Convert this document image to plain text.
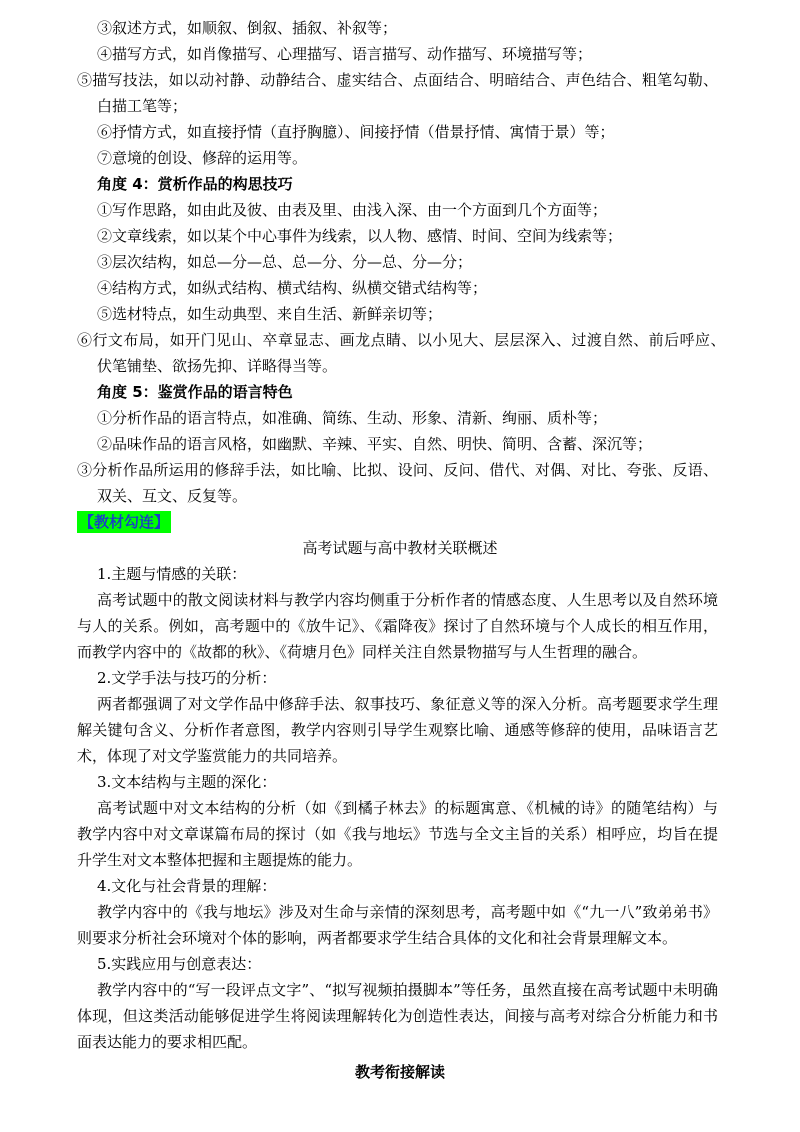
③叙述方式，如顺叙、倒叙、插叙、补叙等；

④描写方式，如肖像描写、心理描写、语言描写、动作描写、环境描写等；

⑤描写技法，如以动衬静、动静结合、虚实结合、点面结合、明暗结合、声色结合、粗笔勾勒、白描工笔等；

⑥抒情方式，如直接抒情（直抒胸臆）、间接抒情（借景抒情、寓情于景）等；

⑦意境的创设、修辞的运用等。

角度 4：赏析作品的构思技巧

①写作思路，如由此及彼、由表及里、由浅入深、由一个方面到几个方面等；

②文章线索，如以某个中心事件为线索，以人物、感情、时间、空间为线索等；

③层次结构，如总—分—总、总—分、分—总、分—分；

④结构方式，如纵式结构、横式结构、纵横交错式结构等；

⑤选材特点，如生动典型、来自生活、新鲜亲切等；

⑥行文布局，如开门见山、卒章显志、画龙点睛、以小见大、层层深入、过渡自然、前后呼应、　伏笔铺垫、欲扬先抑、详略得当等。

角度 5：鉴赏作品的语言特色

①分析作品的语言特点，如准确、简练、生动、形象、清新、绚丽、质朴等；

②品味作品的语言风格，如幽默、辛辣、平实、自然、明快、简明、含蓄、深沉等；

③分析作品所运用的修辞手法，如比喻、比拟、设问、反问、借代、对偶、对比、夸张、反语、双关、互文、反复等。

【教材勾连】

高考试题与高中教材关联概述

1.主题与情感的关联：

高考试题中的散文阅读材料与教学内容均侧重于分析作者的情感态度、人生思考以及自然环境与人的关系。例如，高考题中的《放牛记》、《霜降夜》探讨了自然环境与个人成长的相互作用，而教学内容中的《故都的秋》、《荷塘月色》同样关注自然景物描写与人生哲理的融合。

2.文学手法与技巧的分析：

两者都强调了对文学作品中修辞手法、叙事技巧、象征意义等的深入分析。高考题要求学生理解关键句含义、分析作者意图，教学内容则引导学生观察比喻、通感等修辞的使用，品味语言艺术，体现了对文学鉴赏能力的共同培养。

3.文本结构与主题的深化：

高考试题中对文本结构的分析（如《到橘子林去》的标题寓意、《机械的诗》的随笔结构）与教学内容中对文章谋篇布局的探讨（如《我与地坛》节选与全文主旨的关系）相呼应，均旨在提升学生对文本整体把握和主题提炼的能力。

4.文化与社会背景的理解：

教学内容中的《我与地坛》涉及对生命与亲情的深刻思考，高考题中如《“九一八”致弟弟书》则要求分析社会环境对个体的影响，两者都要求学生结合具体的文化和社会背景理解文本。

5.实践应用与创意表达：

教学内容中的“写一段评点文字”、“拟写视频拍摄脚本”等任务，虽然直接在高考试题中未明确体现，但这类活动能够促进学生将阅读理解转化为创造性表达，间接与高考对综合分析能力和书面表达能力的要求相匹配。

教考衔接解读
